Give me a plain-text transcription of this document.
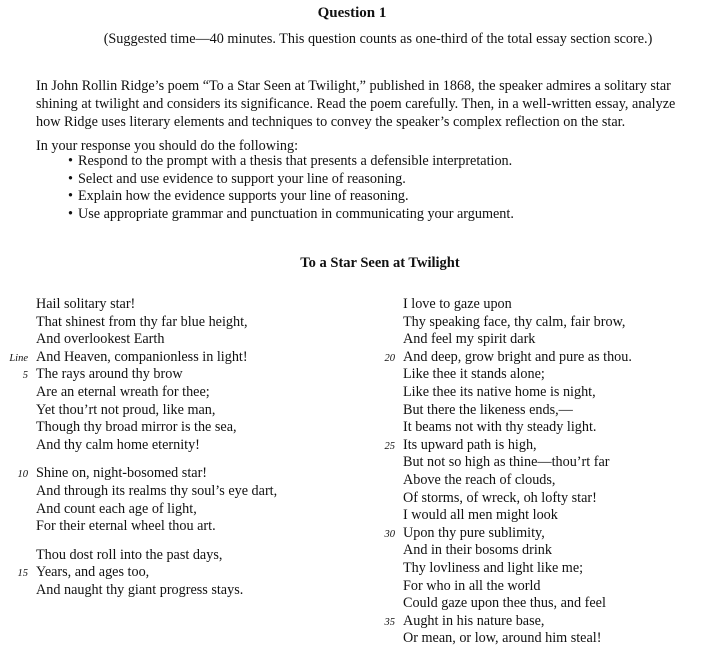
Question 1
(Suggested time—40 minutes. This question counts as one-third of the total essay section score.)
In John Rollin Ridge’s poem “To a Star Seen at Twilight,” published in 1868, the speaker admires a solitary star shining at twilight and considers its significance. Read the poem carefully. Then, in a well-written essay, analyze how Ridge uses literary elements and techniques to convey the speaker’s complex reflection on the star.
In your response you should do the following:
• Respond to the prompt with a thesis that presents a defensible interpretation.
• Select and use evidence to support your line of reasoning.
• Explain how the evidence supports your line of reasoning.
• Use appropriate grammar and punctuation in communicating your argument.
To a Star Seen at Twilight
Hail solitary star!
That shinest from thy far blue height,
And overlookest Earth
Line And Heaven, companionless in light!
5 The rays around thy brow
Are an eternal wreath for thee;
Yet thou’rt not proud, like man,
Though thy broad mirror is the sea,
And thy calm home eternity!
10 Shine on, night-bosomed star!
And through its realms thy soul’s eye dart,
And count each age of light,
For their eternal wheel thou art.
Thou dost roll into the past days,
15 Years, and ages too,
And naught thy giant progress stays.
I love to gaze upon
Thy speaking face, thy calm, fair brow,
And feel my spirit dark
20 And deep, grow bright and pure as thou.
Like thee it stands alone;
Like thee its native home is night,
But there the likeness ends,—
It beams not with thy steady light.
25 Its upward path is high,
But not so high as thine—thou’rt far
Above the reach of clouds,
Of storms, of wreck, oh lofty star!
I would all men might look
30 Upon thy pure sublimity,
And in their bosoms drink
Thy lovliness and light like me;
For who in all the world
Could gaze upon thee thus, and feel
35 Aught in his nature base,
Or mean, or low, around him steal!
